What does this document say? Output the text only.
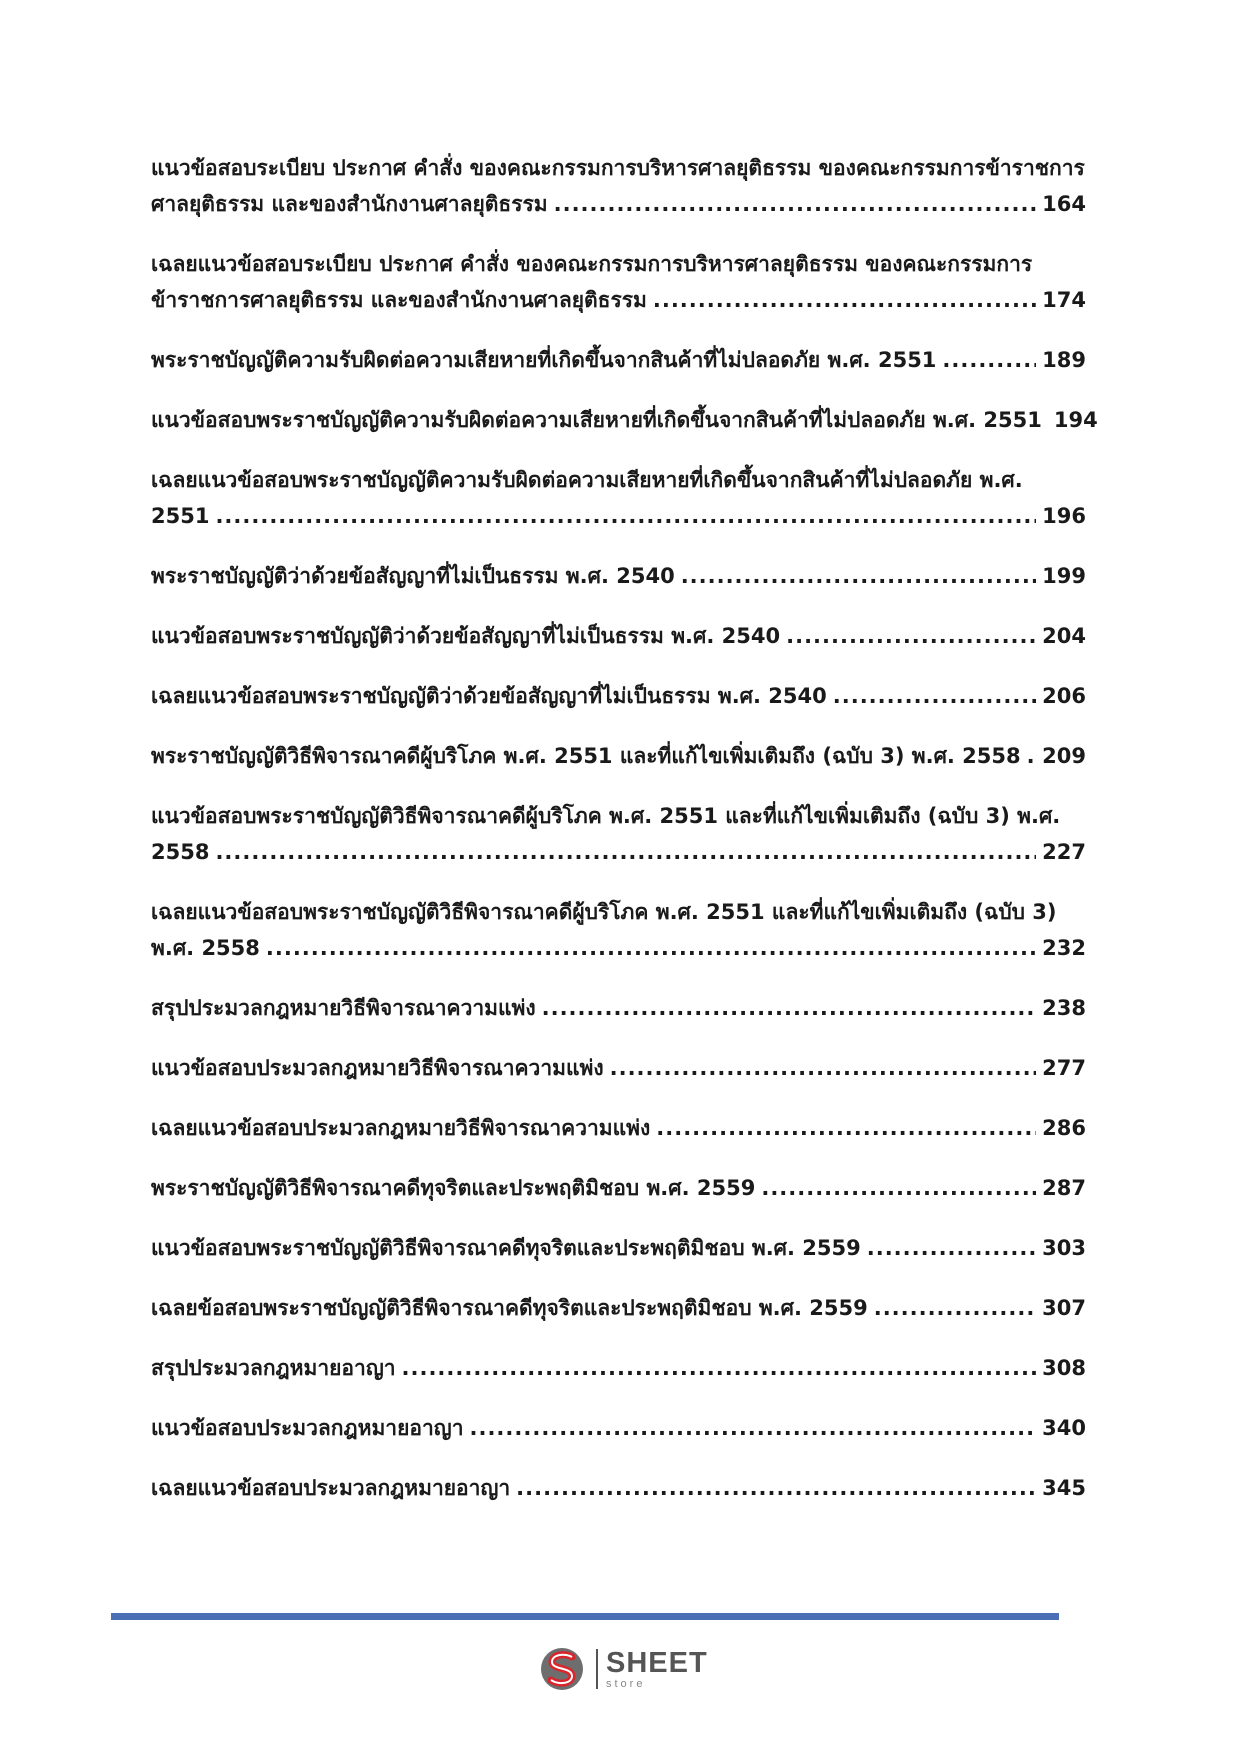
แนวข้อสอบระเบียบ ประกาศ คำสั่ง ของคณะกรรมการบริหารศาลยุติธรรม ของคณะกรรมการข้าราชการ
ศาลยุติธรรม และของสำนักงานศาลยุติธรรม .....	164
เฉลยแนวข้อสอบระเบียบ ประกาศ คำสั่ง ของคณะกรรมการบริหารศาลยุติธรรม ของคณะกรรมการ
ข้าราชการศาลยุติธรรม และของสำนักงานศาลยุติธรรม .....	174
พระราชบัญญัติความรับผิดต่อความเสียหายที่เกิดขึ้นจากสินค้าที่ไม่ปลอดภัย พ.ศ. 2551 .....	189
แนวข้อสอบพระราชบัญญัติความรับผิดต่อความเสียหายที่เกิดขึ้นจากสินค้าที่ไม่ปลอดภัย พ.ศ. 2551 194
เฉลยแนวข้อสอบพระราชบัญญัติความรับผิดต่อความเสียหายที่เกิดขึ้นจากสินค้าที่ไม่ปลอดภัย พ.ศ.
2551 .....	196
พระราชบัญญัติว่าด้วยข้อสัญญาที่ไม่เป็นธรรม พ.ศ. 2540 .....	199
แนวข้อสอบพระราชบัญญัติว่าด้วยข้อสัญญาที่ไม่เป็นธรรม พ.ศ. 2540 .....	204
เฉลยแนวข้อสอบพระราชบัญญัติว่าด้วยข้อสัญญาที่ไม่เป็นธรรม พ.ศ. 2540 .....	206
พระราชบัญญัติวิธีพิจารณาคดีผู้บริโภค พ.ศ. 2551 และที่แก้ไขเพิ่มเติมถึง (ฉบับ 3) พ.ศ. 2558 ..... 209
แนวข้อสอบพระราชบัญญัติวิธีพิจารณาคดีผู้บริโภค พ.ศ. 2551 และที่แก้ไขเพิ่มเติมถึง (ฉบับ 3) พ.ศ.
2558 .....	227
เฉลยแนวข้อสอบพระราชบัญญัติวิธีพิจารณาคดีผู้บริโภค พ.ศ. 2551 และที่แก้ไขเพิ่มเติมถึง (ฉบับ 3)
พ.ศ. 2558 .....	232
สรุปประมวลกฎหมายวิธีพิจารณาความแพ่ง .....	238
แนวข้อสอบประมวลกฎหมายวิธีพิจารณาความแพ่ง .....	277
เฉลยแนวข้อสอบประมวลกฎหมายวิธีพิจารณาความแพ่ง .....	286
พระราชบัญญัติวิธีพิจารณาคดีทุจริตและประพฤติมิชอบ พ.ศ. 2559 .....	287
แนวข้อสอบพระราชบัญญัติวิธีพิจารณาคดีทุจริตและประพฤติมิชอบ พ.ศ. 2559 .....	303
เฉลยข้อสอบพระราชบัญญัติวิธีพิจารณาคดีทุจริตและประพฤติมิชอบ พ.ศ. 2559 .....	307
สรุปประมวลกฎหมายอาญา .....	308
แนวข้อสอบประมวลกฎหมายอาญา .....	340
เฉลยแนวข้อสอบประมวลกฎหมายอาญา .....	345
SHEET
store
